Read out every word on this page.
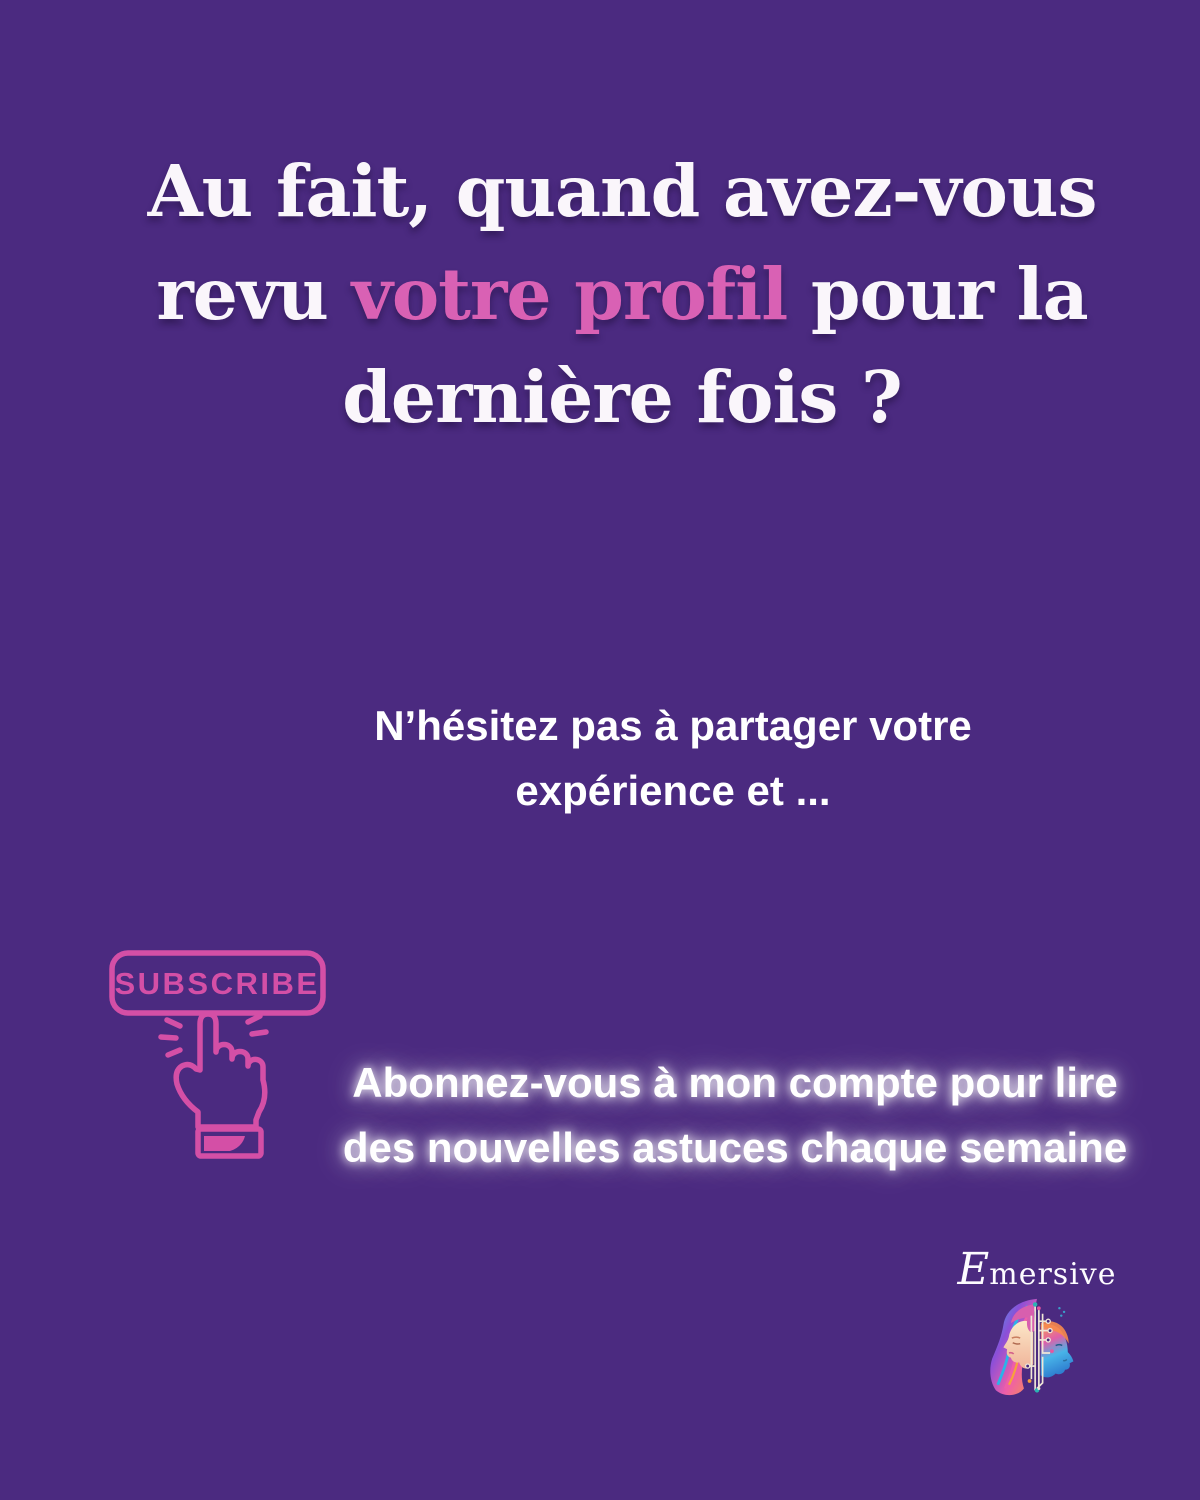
Au fait, quand avez-vous
revu votre profil pour la
dernière fois ?

N’hésitez pas à partager votre
expérience et ...

SUBSCRIBE

Abonnez-vous à mon compte pour lire
des nouvelles astuces chaque semaine

Emersive
